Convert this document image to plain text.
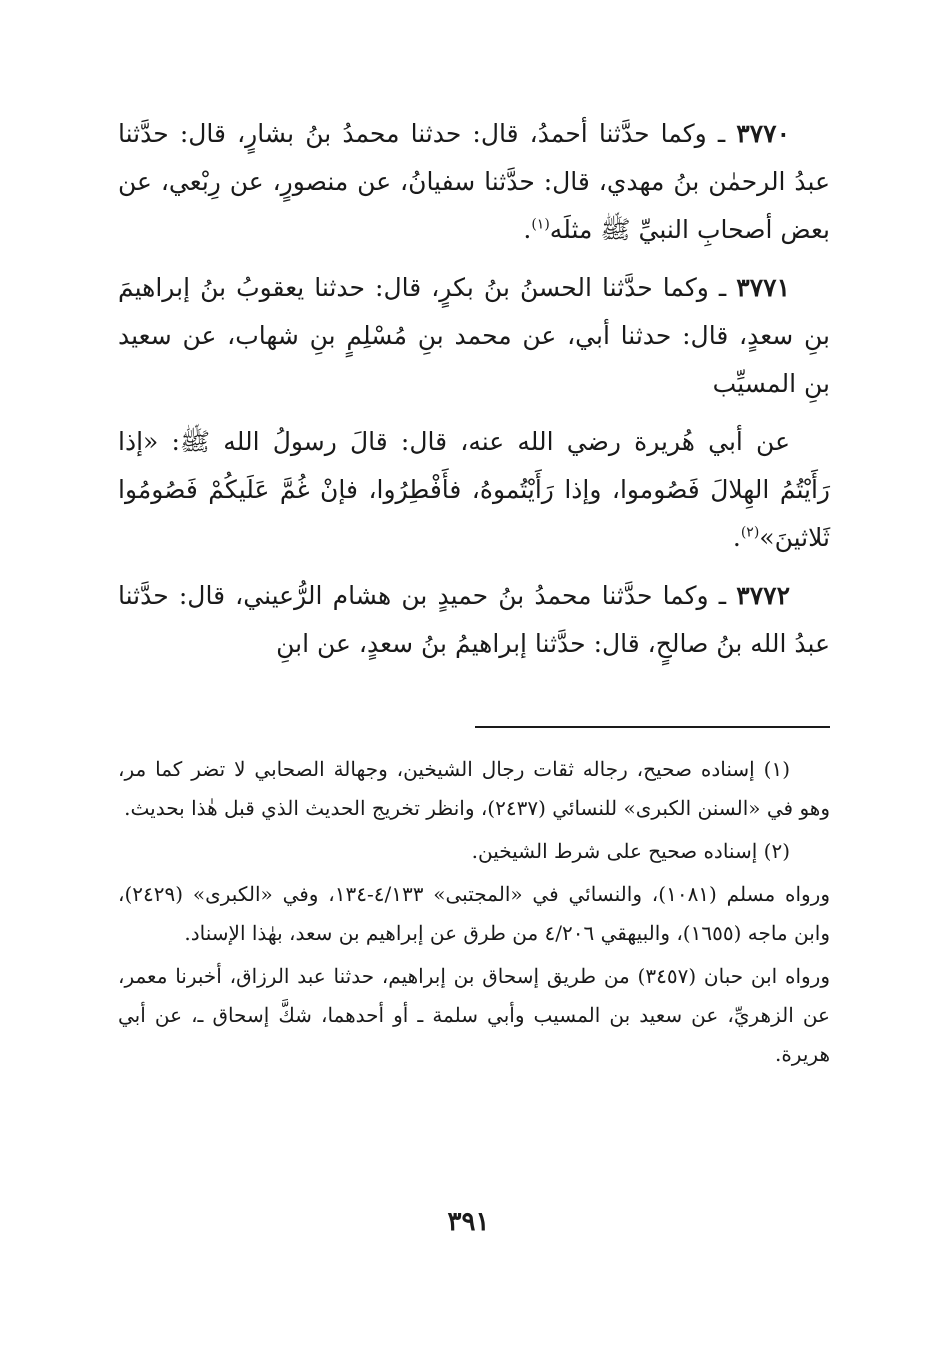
٣٧٧٠ ـ وكما حدَّثنا أحمدُ، قال: حدثنا محمدُ بنُ بشارٍ، قال: حدَّثنا عبدُ الرحمٰن بنُ مهدي، قال: حدَّثنا سفيانُ، عن منصورٍ، عن رِبْعي، عن بعض أصحابِ النبيِّ ﷺ مثلَه$^{(١)}$.

٣٧٧١ ـ وكما حدَّثنا الحسنُ بنُ بكرٍ، قال: حدثنا يعقوبُ بنُ إبراهيمَ بنِ سعدٍ، قال: حدثنا أبي، عن محمد بنِ مُسْلِمٍ بنِ شهاب، عن سعيد بنِ المسيِّب

عن أبي هُريرة رضي الله عنه، قال: قالَ رسولُ الله ﷺ: «إذا رَأَيْتُمُ الهِلالَ فَصُوموا، وإذا رَأَيْتُموهُ، فأَفْطِرُوا، فإنْ غُمَّ عَلَيكُمْ فَصُومُوا ثَلاثينَ»$^{(٢)}$.

٣٧٧٢ ـ وكما حدَّثنا محمدُ بنُ حميدٍ بن هشام الرُّعيني، قال: حدَّثنا عبدُ الله بنُ صالحٍ، قال: حدَّثنا إبراهيمُ بنُ سعدٍ، عن ابنِ

(١) إسناده صحيح، رجاله ثقات رجال الشيخين، وجهالة الصحابي لا تضر كما مر، وهو في «السنن الكبرى» للنسائي (٢٤٣٧)، وانظر تخريج الحديث الذي قبل هٰذا بحديث.

(٢) إسناده صحيح على شرط الشيخين.

ورواه مسلم (١٠٨١)، والنسائي في «المجتبى» ٤/١٣٣-١٣٤، وفي «الكبرى» (٢٤٢٩)، وابن ماجه (١٦٥٥)، والبيهقي ٤/٢٠٦ من طرق عن إبراهيم بن سعد، بهٰذا الإسناد.

ورواه ابن حبان (٣٤٥٧) من طريق إسحاق بن إبراهيم، حدثنا عبد الرزاق، أخبرنا معمر، عن الزهريِّ، عن سعيد بن المسيب وأبي سلمة ـ أو أحدهما، شكَّ إسحاق ـ، عن أبي هريرة.

٣٩١
